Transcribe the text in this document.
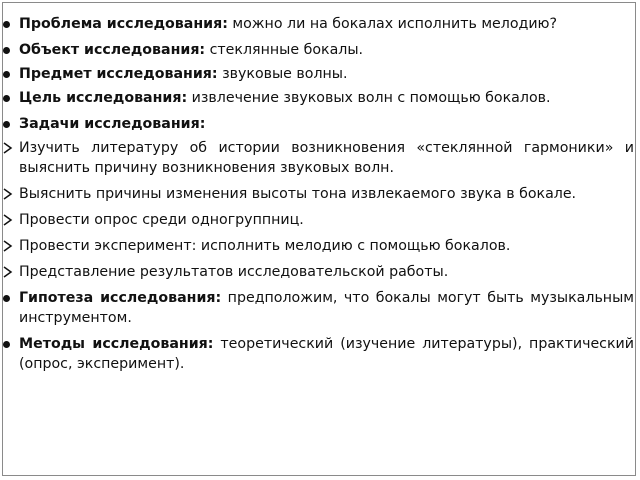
Проблема исследования: можно ли на бокалах исполнить мелодию?
Объект исследования: стеклянные бокалы.
Предмет исследования: звуковые волны.
Цель исследования: извлечение звуковых волн с помощью бокалов.
Задачи исследования:
Изучить литературу об истории возникновения «стеклянной гармоники» и выяснить причину возникновения звуковых волн.
Выяснить причины изменения высоты тона извлекаемого звука в бокале.
Провести опрос среди одногруппниц.
Провести эксперимент: исполнить мелодию с помощью бокалов.
Представление результатов исследовательской работы.
Гипотеза исследования: предположим, что бокалы могут быть музыкальным инструментом.
Методы исследования: теоретический (изучение литературы), практический (опрос, эксперимент).
